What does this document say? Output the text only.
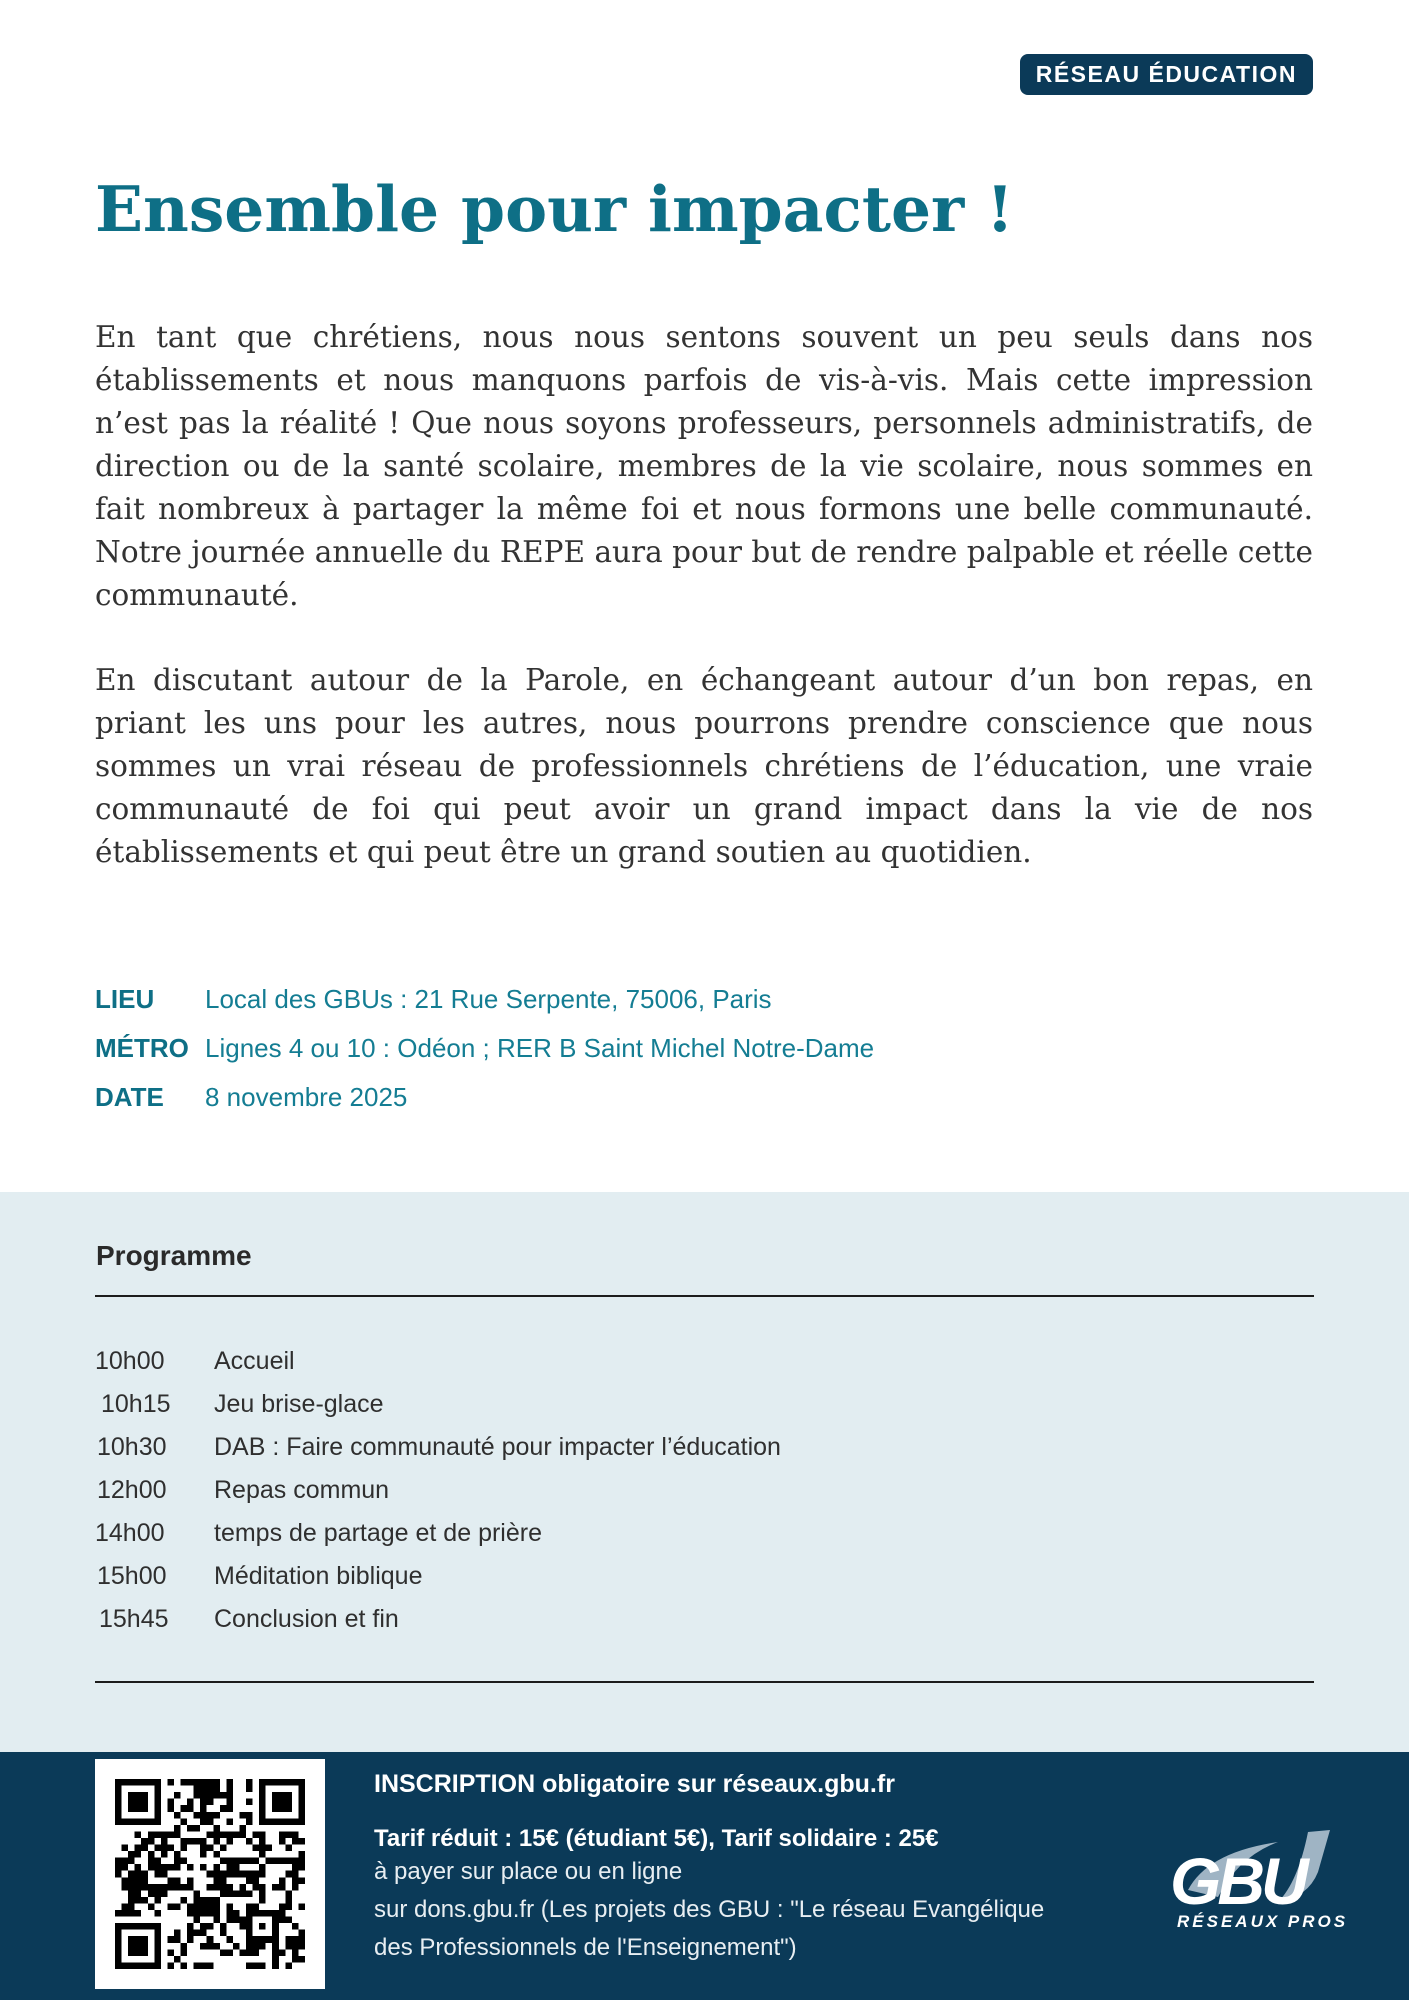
RÉSEAU ÉDUCATION
Ensemble pour impacter !

En tant que chrétiens, nous nous sentons souvent un peu seuls dans nos établissements et nous manquons parfois de vis-à-vis. Mais cette impression n’est pas la réalité ! Que nous soyons professeurs, personnels administratifs, de direction ou de la santé scolaire, membres de la vie scolaire, nous sommes en fait nombreux à partager la même foi et nous formons une belle communauté. Notre journée annuelle du REPE aura pour but de rendre palpable et réelle cette communauté.

En discutant autour de la Parole, en échangeant autour d’un bon repas, en priant les uns pour les autres, nous pourrons prendre conscience que nous sommes un vrai réseau de professionnels chrétiens de l’éducation, une vraie communauté de foi qui peut avoir un grand impact dans la vie de nos établissements et qui peut être un grand soutien au quotidien.

LIEU	Local des GBUs : 21 Rue Serpente, 75006, Paris
MÉTRO Lignes 4 ou 10 : Odéon ; RER B Saint Michel Notre-Dame
DATE	8 novembre 2025
Programme
10h00	Accueil
10h15	Jeu brise-glace
10h30	DAB : Faire communauté pour impacter l’éducation
12h00	Repas commun
14h00	temps de partage et de prière
15h00	Méditation biblique
15h45	Conclusion et fin
INSCRIPTION obligatoire sur réseaux.gbu.fr
Tarif réduit : 15€ (étudiant 5€), Tarif solidaire : 25€
à payer sur place ou en ligne
sur dons.gbu.fr (Les projets des GBU : "Le réseau Evangélique
des Professionnels de l'Enseignement")
GBU
RÉSEAUX PROS
